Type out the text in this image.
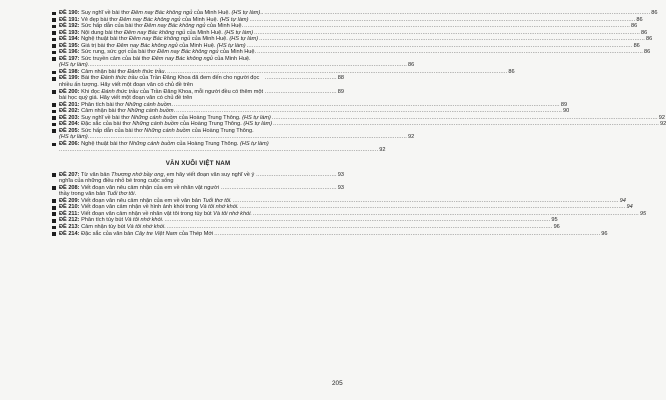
ĐỀ 190: Suy nghĩ về bài thơ Đêm nay Bác không ngủ của Minh Huệ. (HS tự làm).. ............................................................................................................................................................................................................................ 86
ĐỀ 191: Vẻ đẹp bài thơ Đêm nay Bác không ngủ của Minh Huệ. (HS tự làm) ............................................................................................................................................................................................................................ 86
ĐỀ 192: Sức hấp dẫn của bài thơ Đêm nay Bác không ngủ của Minh Huệ. ............................................................................................................................................................................................................................ 86
ĐỀ 193: Nội dung bài thơ Đêm nay Bác không ngủ của Minh Huệ. (HS tự làm) ............................................................................................................................................................................................................................ 86
ĐỀ 194: Nghệ thuật bài thơ Đêm nay Bác không ngủ của Minh Huệ. (HS tự làm) ............................................................................................................................................................................................................................ 86
ĐỀ 195: Giá trị bài thơ Đêm nay Bác không ngủ của Minh Huệ. (HS tự làm) ............................................................................................................................................................................................................................ 86
ĐỀ 196: Sức rung, sức gợi của bài thơ Đêm nay Bác không ngủ của Minh Huệ. ............................................................................................................................................................................................................................ 86
ĐỀ 197: Sức truyền cảm của bài thơ Đêm nay Bác không ngủ của Minh Huệ.
(HS tự làm) ...................................................................................................................................................................................... 86
ĐỀ 198: Cảm nhận bài thơ Đánh thức trầu. .................................................................................................................................................................................................. 86
ĐỀ 199: Bài thơ Đánh thức trầu của Trần Đăng Khoa đã đem đến cho người đọc nhiều ấn tượng. Hãy viết một đoạn văn có chủ đề trên
......................................... 88
ĐỀ 200: Khi đọc Đánh thức trầu của Trần Đăng Khoa, mỗi người đều có thêm một bài học quý giá. Hãy viết một đoạn văn có chủ đề trên
......................................... 89
ĐỀ 201: Phân tích bài thơ Những cánh buồm. ............................................................................................................................................................................................................................ 89
ĐỀ 202: Cảm nhận bài thơ Những cánh buồm. ............................................................................................................................................................................................................................ 90
ĐỀ 203: Suy nghĩ về bài thơ Những cánh buồm của Hoàng Trung Thông. (HS tự làm) ............................................................................................................................................................................................................................ 92
ĐỀ 204: Đặc sắc của bài thơ Những cánh buồm của Hoàng Trung Thông. (HS tự làm) ............................................................................................................................................................................................................................ 92
ĐỀ 205: Sức hấp dẫn của bài thơ Những cánh buồm của Hoàng Trung Thông.
(HS tự làm) ...................................................................................................................................................................................... 92
ĐỀ 206: Nghệ thuật bài thơ Những cánh buồm của Hoàng Trung Thông. (HS tự làm)
...................................................................................................................................................................................... 92
VĂN XUÔI VIỆT NAM
ĐỀ 207: Từ văn bản Thương nhớ bầy ong, em hãy viết đoạn văn suy nghĩ về ý nghĩa của những điều nhỏ bé trong cuộc sống
.............................................. 93
ĐỀ 208: Viết đoạn văn nêu cảm nhận của em về nhân vật người thầy trong văn bản Tuổi thơ tôi.
.................................................................. 93
ĐỀ 209: Viết đoạn văn nêu cảm nhận của em về văn bản Tuổi thơ tôi. ............................................................................................................................................................................................................................ 94
ĐỀ 210: Viết đoạn văn cảm nhận về hình ảnh khói trong Và tôi nhớ khói. ............................................................................................................................................................................................................................ 94
ĐỀ 211: Viết đoạn văn cảm nhận về nhân vật tôi trong tùy bút Và tôi nhớ khói. ............................................................................................................................................................................................................................ 95
ĐỀ 212: Phân tích tùy bút Và tôi nhớ khói. ............................................................................................................................................................................................................................ 95
ĐỀ 213: Cảm nhận tùy bút Và tôi nhớ khói. ............................................................................................................................................................................................................................ 96
ĐỀ 214: Đặc sắc của văn bản Cây tre Việt Nam của Thép Mới ............................................................................................................................................................................................................................ 96
205
